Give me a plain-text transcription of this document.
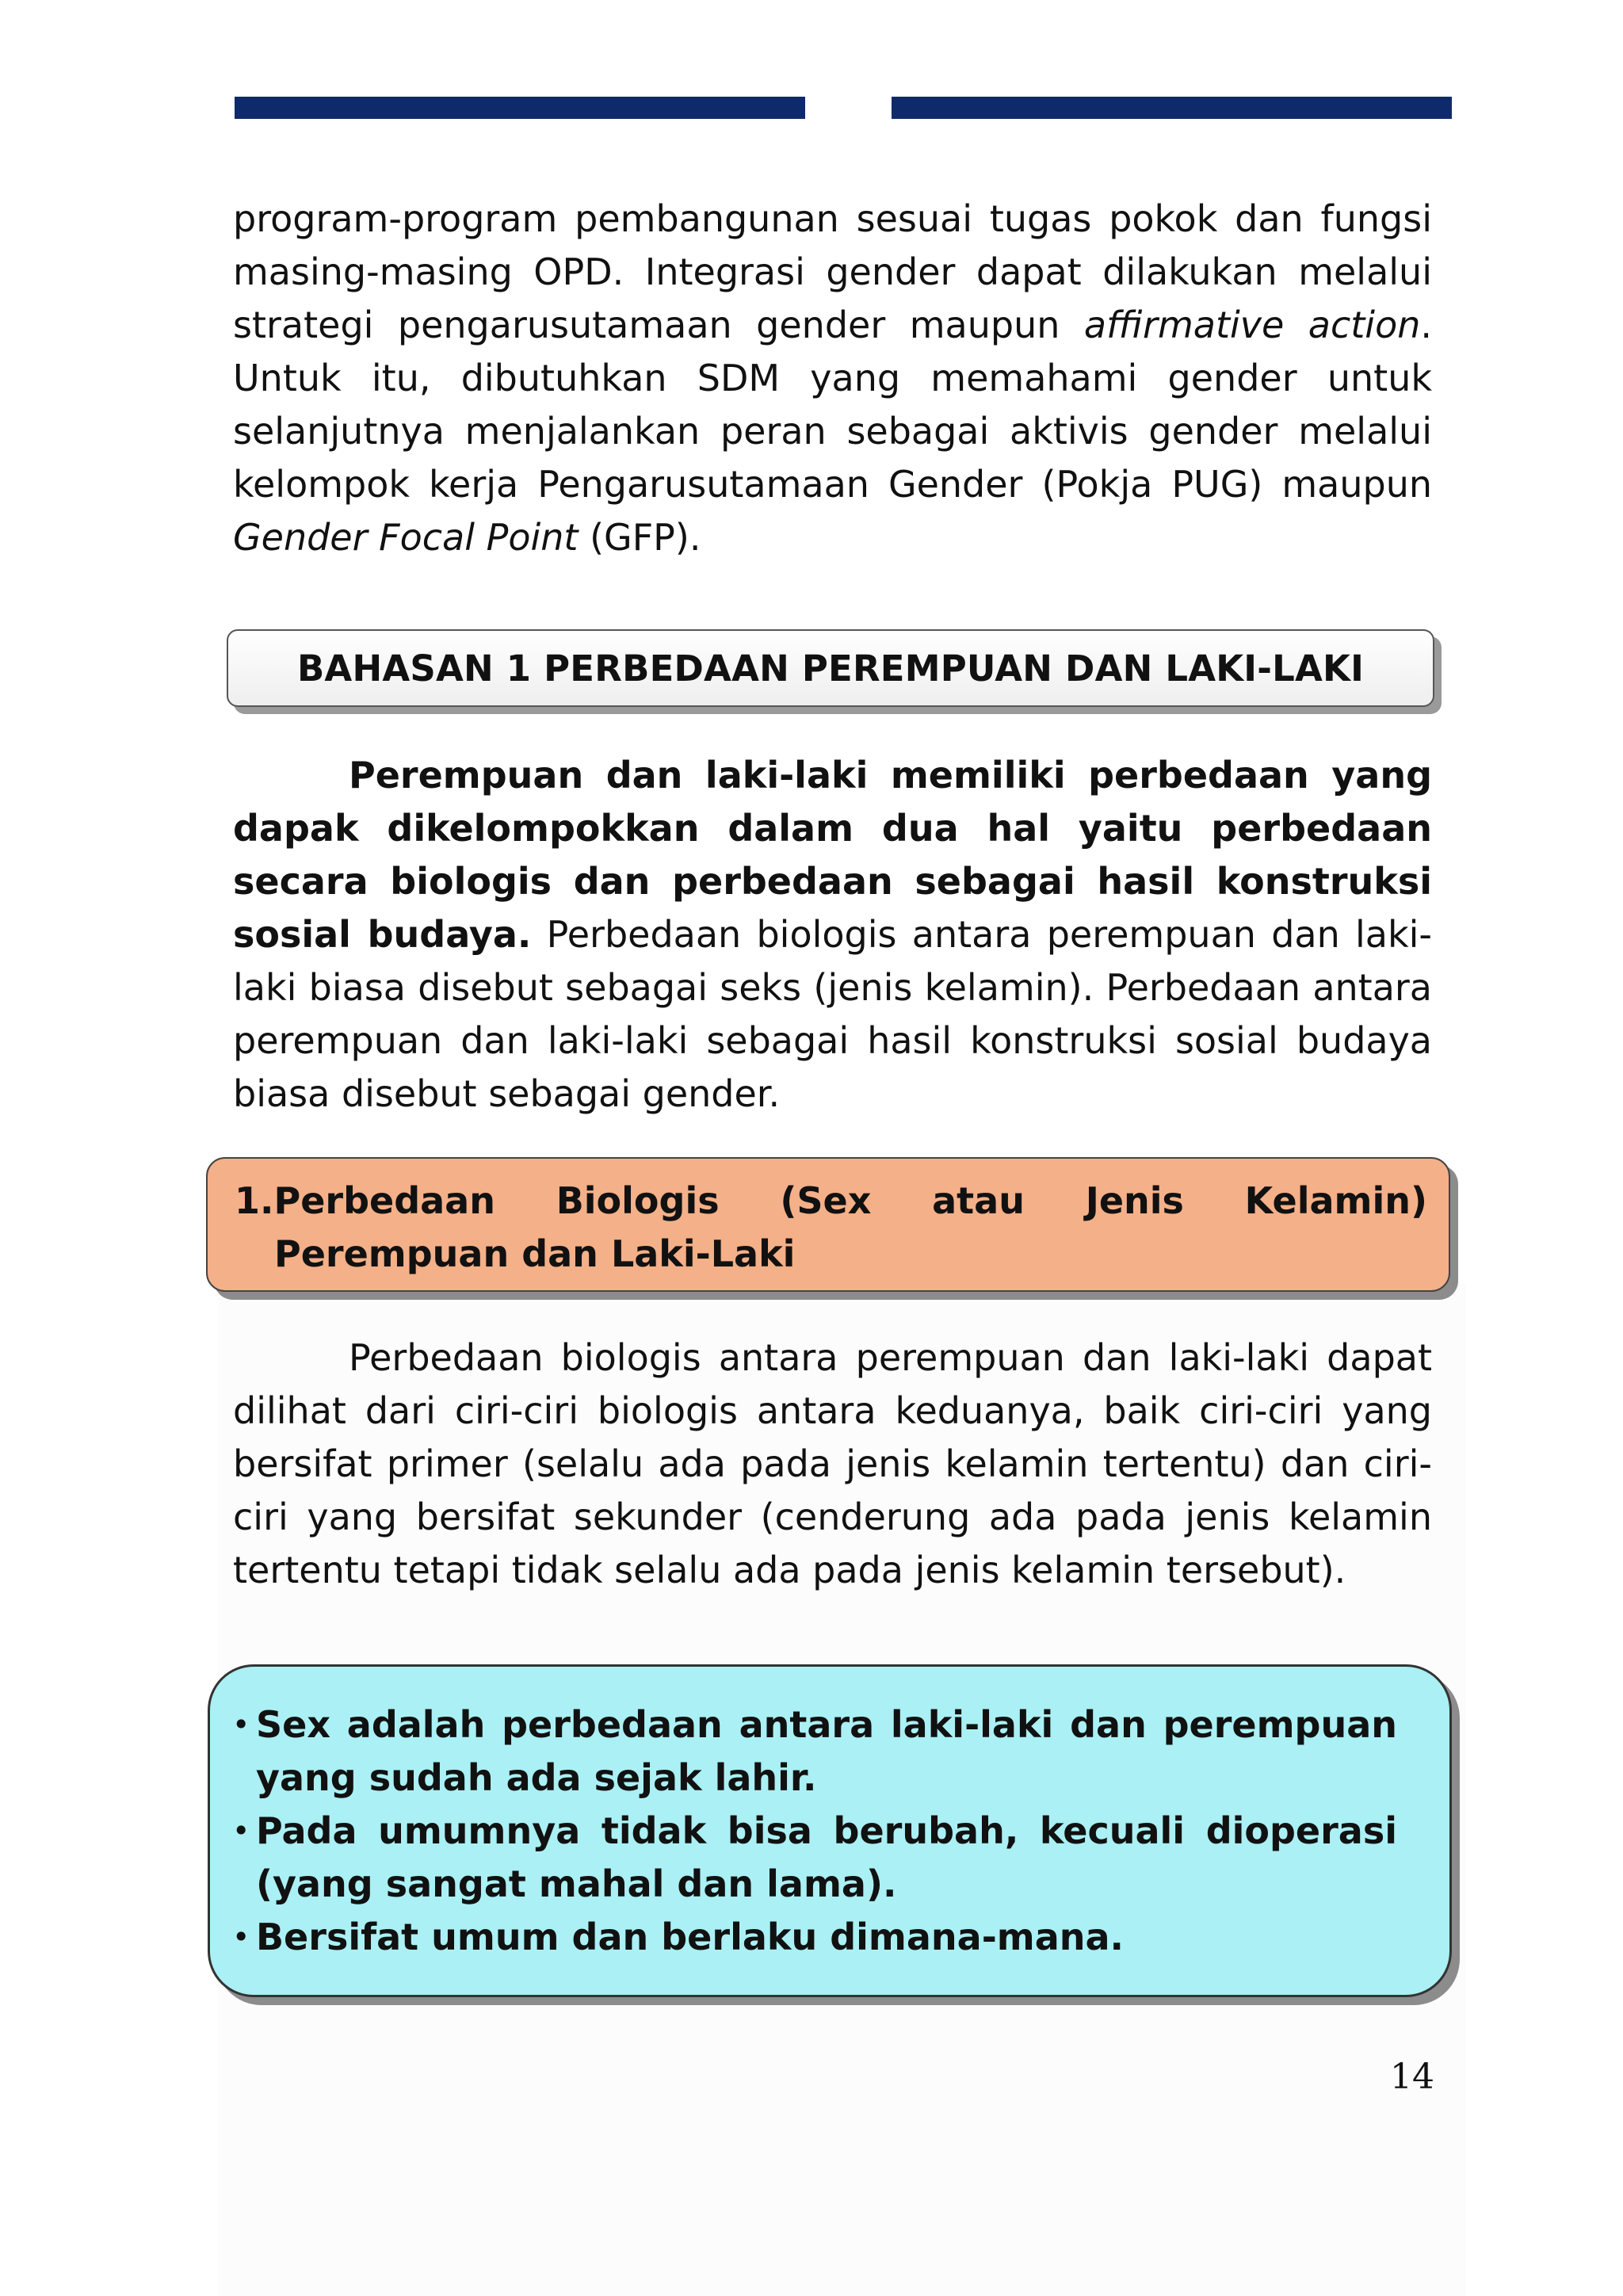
program-program pembangunan sesuai tugas pokok dan fungsi masing-masing OPD. Integrasi gender dapat dilakukan melalui strategi pengarusutamaan gender maupun affirmative action. Untuk itu, dibutuhkan SDM yang memahami gender untuk selanjutnya menjalankan peran sebagai aktivis gender melalui kelompok kerja Pengarusutamaan Gender (Pokja PUG) maupun Gender Focal Point (GFP).

BAHASAN 1 PERBEDAAN PEREMPUAN DAN LAKI-LAKI

Perempuan dan laki-laki memiliki perbedaan yang dapak dikelompokkan dalam dua hal yaitu perbedaan secara biologis dan perbedaan sebagai hasil konstruksi sosial budaya. Perbedaan biologis antara perempuan dan laki-laki biasa disebut sebagai seks (jenis kelamin). Perbedaan antara perempuan dan laki-laki sebagai hasil konstruksi sosial budaya biasa disebut sebagai gender.

1.Perbedaan Biologis (Sex atau Jenis Kelamin) Perempuan dan Laki-Laki

Perbedaan biologis antara perempuan dan laki-laki dapat dilihat dari ciri-ciri biologis antara keduanya, baik ciri-ciri yang bersifat primer (selalu ada pada jenis kelamin tertentu) dan ciri-ciri yang bersifat sekunder (cenderung ada pada jenis kelamin tertentu tetapi tidak selalu ada pada jenis kelamin tersebut).

• Sex adalah perbedaan antara laki-laki dan perempuan yang sudah ada sejak lahir.
• Pada umumnya tidak bisa berubah, kecuali dioperasi (yang sangat mahal dan lama).
• Bersifat umum dan berlaku dimana-mana.
14
